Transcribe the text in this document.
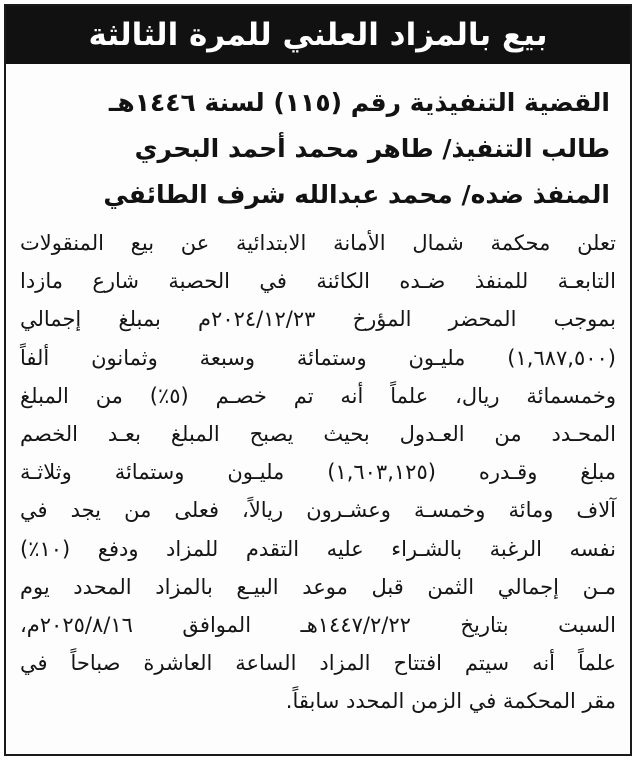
بيع بالمزاد العلني للمرة الثالثة
القضية التنفيذية رقم (١١٥) لسنة ١٤٤٦هـ
طالب التنفيذ/ طاهر محمد أحمد البحري
المنفذ ضده/ محمد عبدالله شرف الطائفي
تعلن محكمة شمال الأمانة الابتدائية عن بيع المنقولات
التابعـة للمنفذ ضـده الكائنة في الحصبة شارع مازدا
بموجب المحضر المؤرخ ٢٠٢٤/١٢/٢٣م بمبلغ إجمالي
(١,٦٨٧,٥٠٠) مليـون وستمائة وسبعة وثمانون ألفاً
وخمسمائة ريال، علماً أنه تم خصـم (٥٪) من المبلغ
المحـدد من العـدول بحيث يصبح المبلغ بعـد الخصم
مبلغ وقـدره (١,٦٠٣,١٢٥) مليـون وستمائة وثلاثـة
آلاف ومائة وخمسـة وعشـرون ريالاً، فعلى من يجد في
نفسه الرغبة بالشـراء عليه التقدم للمزاد ودفع (١٠٪)
مـن إجمالي الثمن قبل موعد البيـع بالمزاد المحدد يوم
السبت بتاريخ ١٤٤٧/٢/٢٢هـ الموافق ٢٠٢٥/٨/١٦م،
علماً أنه سيتم افتتاح المزاد الساعة العاشرة صباحاً في
مقر المحكمة في الزمن المحدد سابقاً.
